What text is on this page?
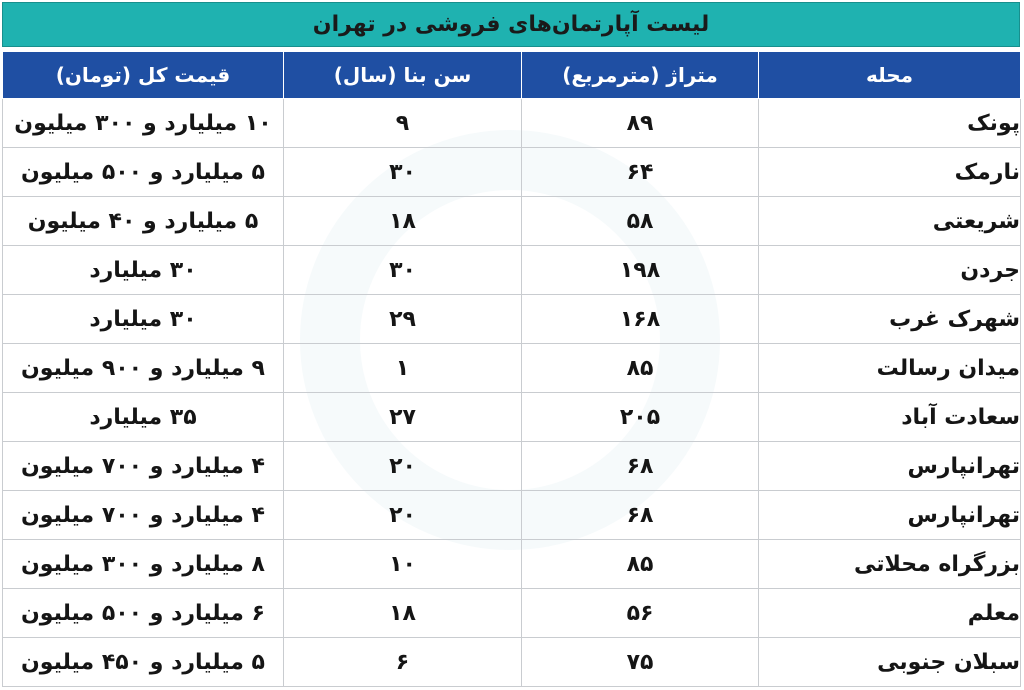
لیست آپارتمان‌های فروشی در تهران
محله	متراژ (مترمربع)	سن بنا (سال)	قیمت کل (تومان)
پونک	۸۹	۹	۱۰ میلیارد و ۳۰۰ میلیون
نارمک	۶۴	۳۰	۵ میلیارد و ۵۰۰ میلیون
شریعتی	۵۸	۱۸	۵ میلیارد و ۴۰ میلیون
جردن	۱۹۸	۳۰	۳۰ میلیارد
شهرک غرب	۱۶۸	۲۹	۳۰ میلیارد
میدان رسالت	۸۵	۱	۹ میلیارد و ۹۰۰ میلیون
سعادت آباد	۲۰۵	۲۷	۳۵ میلیارد
تهرانپارس	۶۸	۲۰	۴ میلیارد و ۷۰۰ میلیون
تهرانپارس	۶۸	۲۰	۴ میلیارد و ۷۰۰ میلیون
بزرگراه محلاتی	۸۵	۱۰	۸ میلیارد و ۳۰۰ میلیون
معلم	۵۶	۱۸	۶ میلیارد و ۵۰۰ میلیون
سبلان جنوبی	۷۵	۶	۵ میلیارد و ۴۵۰ میلیون
